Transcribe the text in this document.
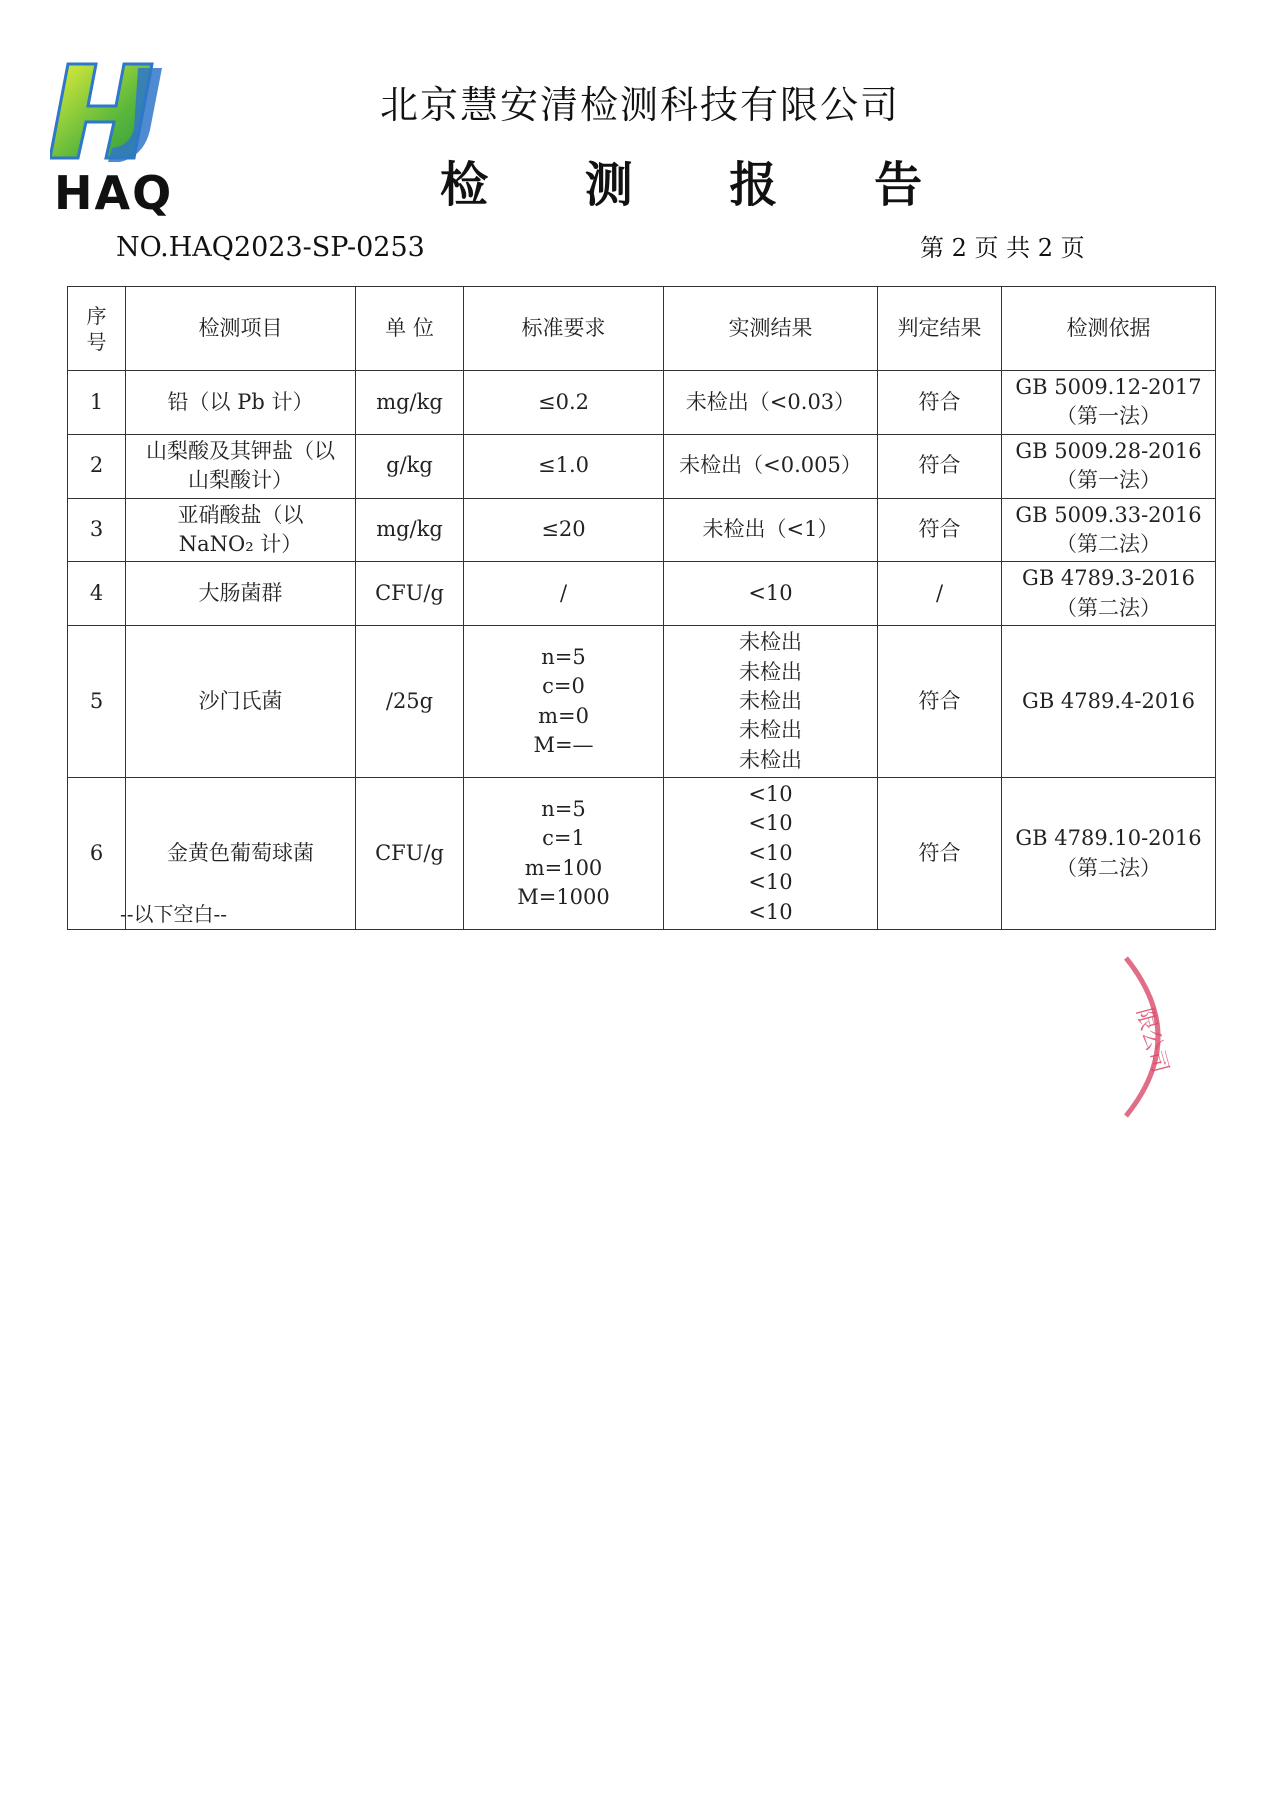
HAQ
北京慧安清检测科技有限公司
检 测 报 告
NO.HAQ2023-SP-0253	第 2 页 共 2 页
序号	检测项目	单 位	标准要求	实测结果	判定结果	检测依据
1	铅（以 Pb 计）	mg/kg	≤0.2	未检出（<0.03）	符合	GB 5009.12-2017
（第一法）

2	山梨酸及其钾盐（以
山梨酸计）	g/kg	≤1.0	未检出（<0.005）	符合	GB 5009.28-2016
（第一法）

3	亚硝酸盐（以
NaNO₂ 计）	mg/kg	≤20	未检出（<1）	符合	GB 5009.33-2016
（第二法）

4	大肠菌群	CFU/g	/	<10	/	GB 4789.3-2016
（第二法）

5	沙门氏菌	/25g	n=5
c=0
m=0
M=—	未检出
未检出
未检出
未检出
未检出	符合	GB 4789.4-2016

6	金黄色葡萄球菌	CFU/g	n=5
c=1
m=100
M=1000	<10
<10
<10
<10
<10	符合	GB 4789.10-2016
（第二法）
--以下空白--
限公司
